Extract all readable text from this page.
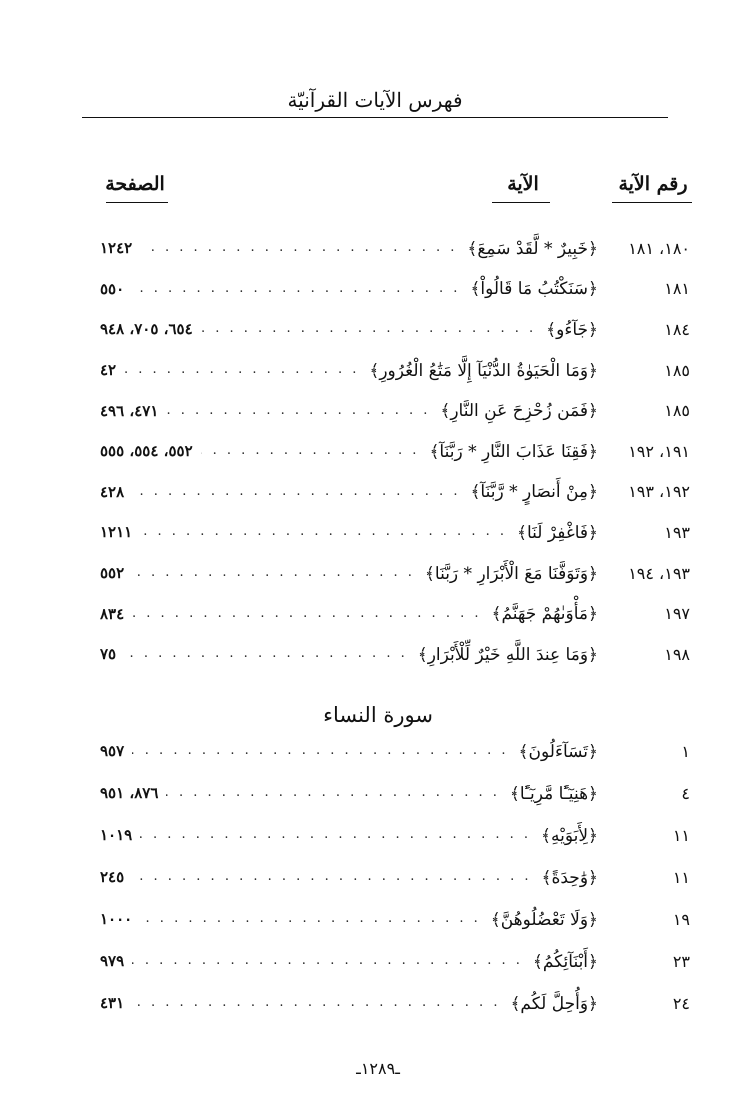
فهرس الآيات القرآنيّة
رقم الآية
الآية
الصفحة
١٨٠، ١٨١
﴿خَبِيرٌ * لَّقَدْ سَمِعَ﴾
. . .
١٢٤٢
١٨١
﴿سَنَكْتُبُ مَا قَالُواْ﴾
. . .
٥٥٠
١٨٤
﴿جَآءُو﴾
. . .
٦٥٤، ٧٠٥، ٩٤٨
١٨٥
﴿وَمَا الْحَيَوٰةُ الدُّنْيَآ إِلَّا مَتَٰعُ الْغُرُورِ﴾
. . .
٤٢
١٨٥
﴿فَمَن زُحْزِحَ عَنِ النَّارِ﴾
. . .
٤٧١، ٤٩٦
١٩١، ١٩٢
﴿فَقِنَا عَذَابَ النَّارِ * رَبَّنَآ﴾
. . .
٥٥٢، ٥٥٤، ٥٥٥
١٩٢، ١٩٣
﴿مِنْ أَنصَارٍ * رَّبَّنَآ﴾
. . .
٤٢٨
١٩٣
﴿فَاغْفِرْ لَنَا﴾
. . .
١٢١١
١٩٣، ١٩٤
﴿وَتَوَفَّنَا مَعَ الْأَبْرَارِ * رَبَّنَا﴾
. . .
٥٥٢
١٩٧
﴿مَأْوَىٰهُمْ جَهَنَّمُ﴾
. . .
٨٣٤
١٩٨
﴿وَمَا عِندَ اللَّهِ خَيْرٌ لِّلْأَبْرَارِ﴾
. . .
٧٥
سورة النساء
١
﴿تَسَآءَلُونَ﴾
. . .
٩٥٧
٤
﴿هَنِيٓـًٔا مَّرِيٓـًٔا﴾
. . .
٨٧٦، ٩٥١
١١
﴿لِأَبَوَيْهِ﴾
. . .
١٠١٩
١١
﴿وَٰحِدَةً﴾
. . .
٢٤٥
١٩
﴿وَلَا تَعْضُلُوهُنَّ﴾
. . .
١٠٠٠
٢٣
﴿أَبْنَآئِكُمُ﴾
. . .
٩٧٩
٢٤
﴿وَأُحِلَّ لَكُم﴾
. . .
٤٣١
ـ١٢٨٩ـ
